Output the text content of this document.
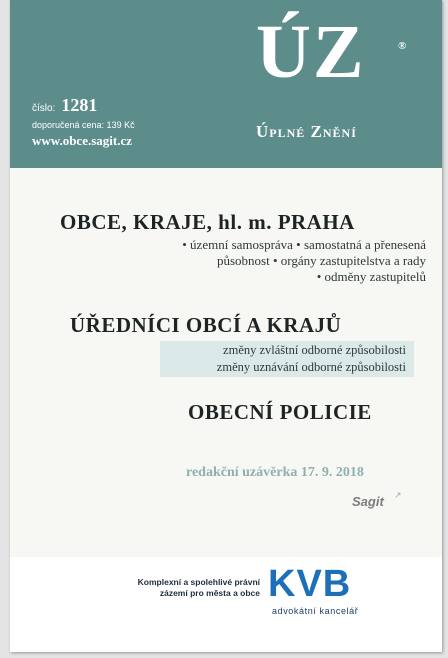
číslo: 1281
doporučená cena: 139 Kč
www.obce.sagit.cz
ÚZ	®
Úplné Znění
OBCE, KRAJE, hl. m. PRAHA
• územní samospráva • samostatná a přenesená
působnost • orgány zastupitelstva a rady
• odměny zastupitelů
ÚŘEDNÍCI OBCÍ A KRAJŮ
změny zvláštní odborné způsobilosti
změny uznávání odborné způsobilosti
OBECNÍ POLICIE
redakční uzávěrka 17. 9. 2018
Sagit ↗
Komplexní a spolehlivé právní
zázemí pro města a obce KVB
advokátní kancelář
